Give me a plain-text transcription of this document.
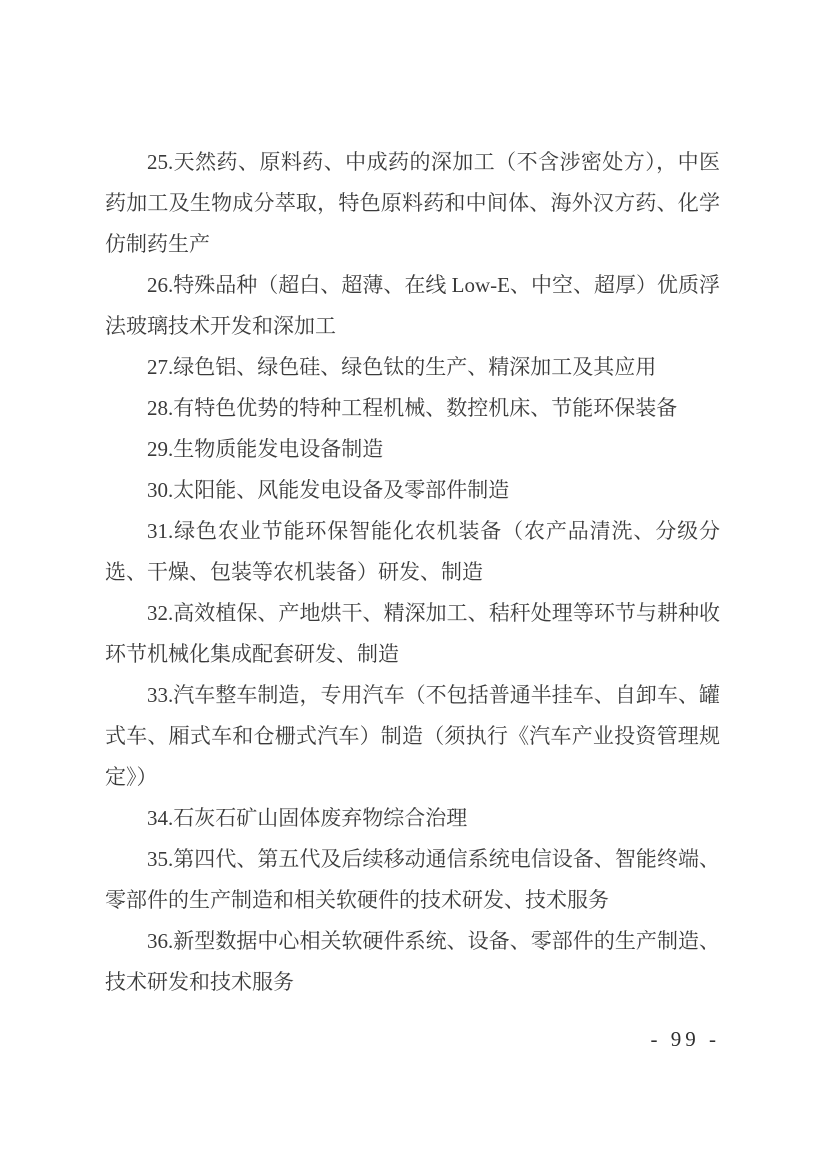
25.天然药、原料药、中成药的深加工（不含涉密处方），中医药加工及生物成分萃取，特色原料药和中间体、海外汉方药、化学仿制药生产

26.特殊品种（超白、超薄、在线 Low-E、中空、超厚）优质浮法玻璃技术开发和深加工

27.绿色铝、绿色硅、绿色钛的生产、精深加工及其应用

28.有特色优势的特种工程机械、数控机床、节能环保装备

29.生物质能发电设备制造

30.太阳能、风能发电设备及零部件制造

31.绿色农业节能环保智能化农机装备（农产品清洗、分级分选、干燥、包装等农机装备）研发、制造

32.高效植保、产地烘干、精深加工、秸秆处理等环节与耕种收环节机械化集成配套研发、制造

33.汽车整车制造，专用汽车（不包括普通半挂车、自卸车、罐式车、厢式车和仓栅式汽车）制造（须执行《汽车产业投资管理规定》）

34.石灰石矿山固体废弃物综合治理

35.第四代、第五代及后续移动通信系统电信设备、智能终端、零部件的生产制造和相关软硬件的技术研发、技术服务

36.新型数据中心相关软硬件系统、设备、零部件的生产制造、技术研发和技术服务

- 99 -
